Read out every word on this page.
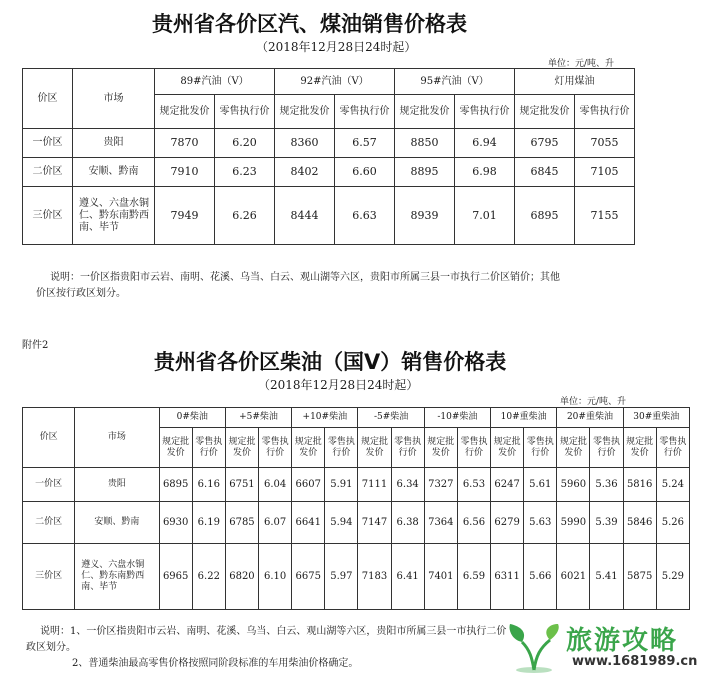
贵州省各价区汽、煤油销售价格表
（2018年12月28日24时起）
单位：元/吨、升
价区	市场	89#汽油（V）		92#汽油（V）		95#汽油（V）		灯用煤油	
		规定批发价	零售执行价	规定批发价	零售执行价	规定批发价	零售执行价	规定批发价	零售执行价
一价区	贵阳	7870	6.20	8360	6.57	8850	6.94	6795	7055
二价区	安顺、黔南	7910	6.23	8402	6.60	8895	6.98	6845	7105
三价区	遵义、六盘水铜仁、黔东南黔西南、毕节	7949	6.26	8444	6.63	8939	7.01	6895	7155
说明：一价区指贵阳市云岩、南明、花溪、乌当、白云、观山湖等六区，贵阳市所属三县一市执行二价区销价；其他
价区按行政区划分。
附件2
贵州省各价区柴油（国Ⅴ）销售价格表
（2018年12月28日24时起）
单位：元/吨、升
价区	市场	0#柴油		+5#柴油		+10#柴油		-5#柴油		-10#柴油		10#重柴油		20#重柴油		30#重柴油	
		规定批发价	零售执行价	规定批发价	零售执行价	规定批发价	零售执行价	规定批发价	零售执行价	规定批发价	零售执行价	规定批发价	零售执行价	规定批发价	零售执行价	规定批发价	零售执行价
一价区	贵阳	6895	6.16	6751	6.04	6607	5.91	7111	6.34	7327	6.53	6247	5.61	5960	5.36	5816	5.24
二价区	安顺、黔南	6930	6.19	6785	6.07	6641	5.94	7147	6.38	7364	6.56	6279	5.63	5990	5.39	5846	5.26
三价区	遵义、六盘水铜仁、黔东南黔西南、毕节	6965	6.22	6820	6.10	6675	5.97	7183	6.41	7401	6.59	6311	5.66	6021	5.41	5875	5.29
说明：1、一价区指贵阳市云岩、南明、花溪、乌当、白云、观山湖等六区，贵阳市所属三县一市执行二价
政区划分。
2、普通柴油最高零售价格按照同阶段标准的车用柴油价格确定。
旅游攻略
www.1681989.cn
